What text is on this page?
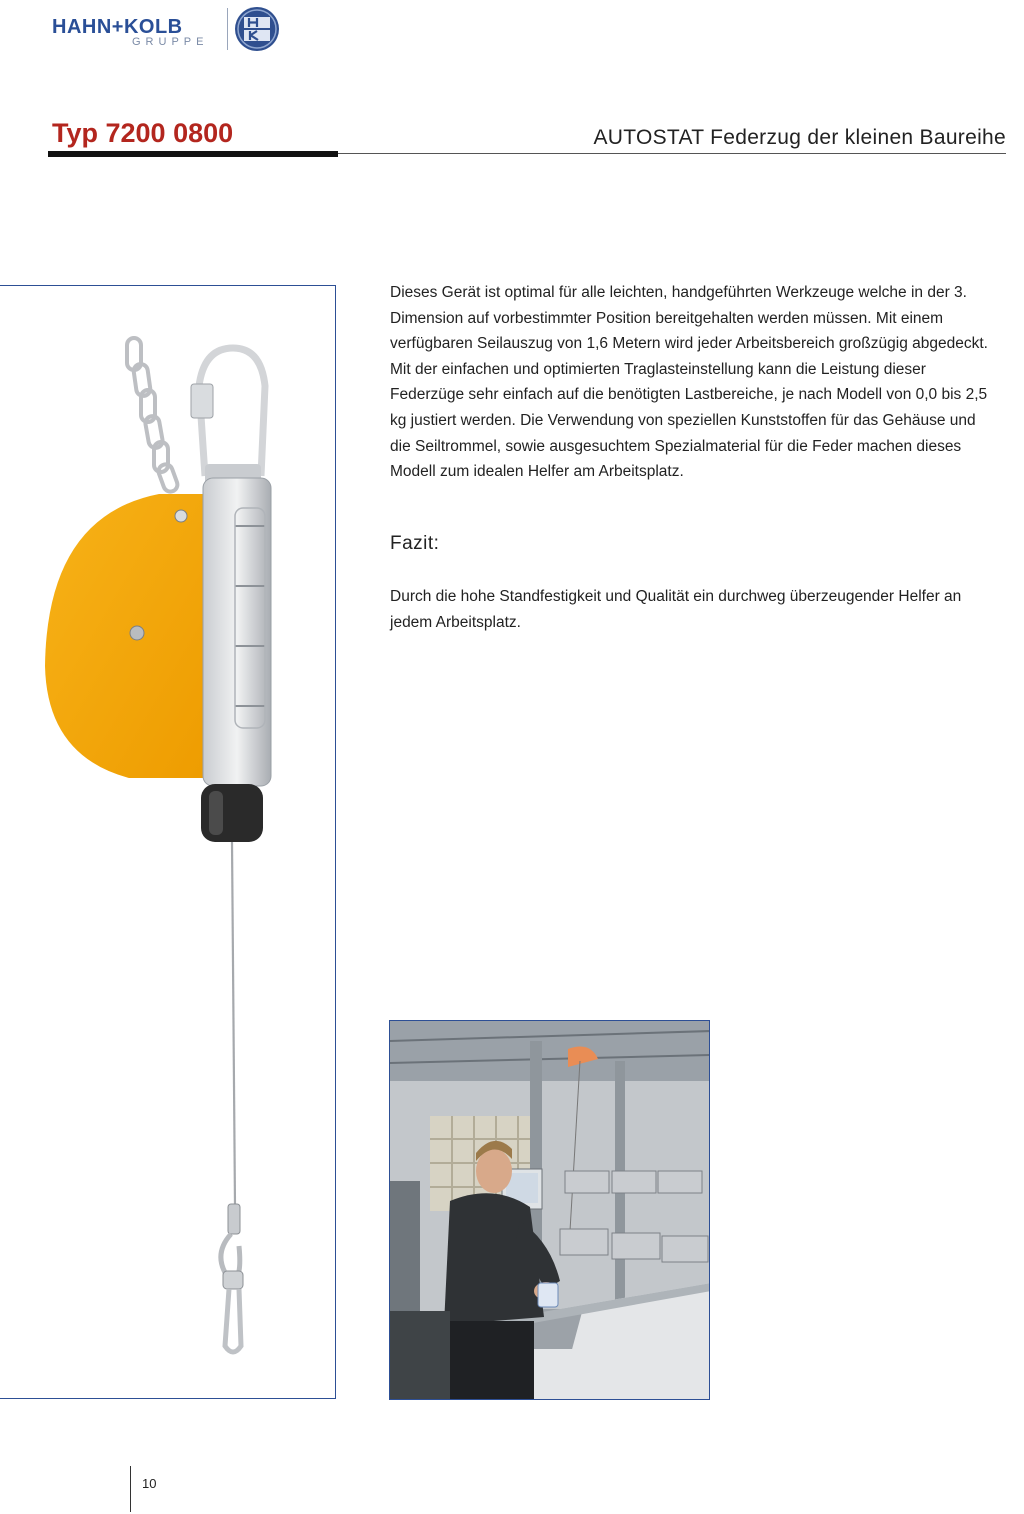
HAHN+KOLB
GRUPPE
Typ 7200 0800	AUTOSTAT Federzug der kleinen Baureihe

Dieses Gerät ist optimal für alle leichten, handgeführten Werkzeuge welche in der 3. Dimension auf vorbestimmter Position bereitgehalten werden müssen. Mit einem verfügbaren Seilauszug von 1,6 Metern wird jeder Arbeitsbereich großzügig abgedeckt. Mit der einfachen und optimierten Traglasteinstellung kann die Leistung dieser Federzüge sehr einfach auf die benötigten Lastbereiche, je nach Modell von 0,0 bis 2,5 kg justiert werden. Die Verwendung von speziellen Kunststoffen für das Gehäuse und die Seiltrommel, sowie ausgesuchtem Spezialmaterial für die Feder machen dieses Modell zum idealen Helfer am Arbeitsplatz.

Fazit:

Durch die hohe Standfestigkeit und Qualität ein durchweg überzeugender Helfer an jedem Arbeitsplatz.

10
